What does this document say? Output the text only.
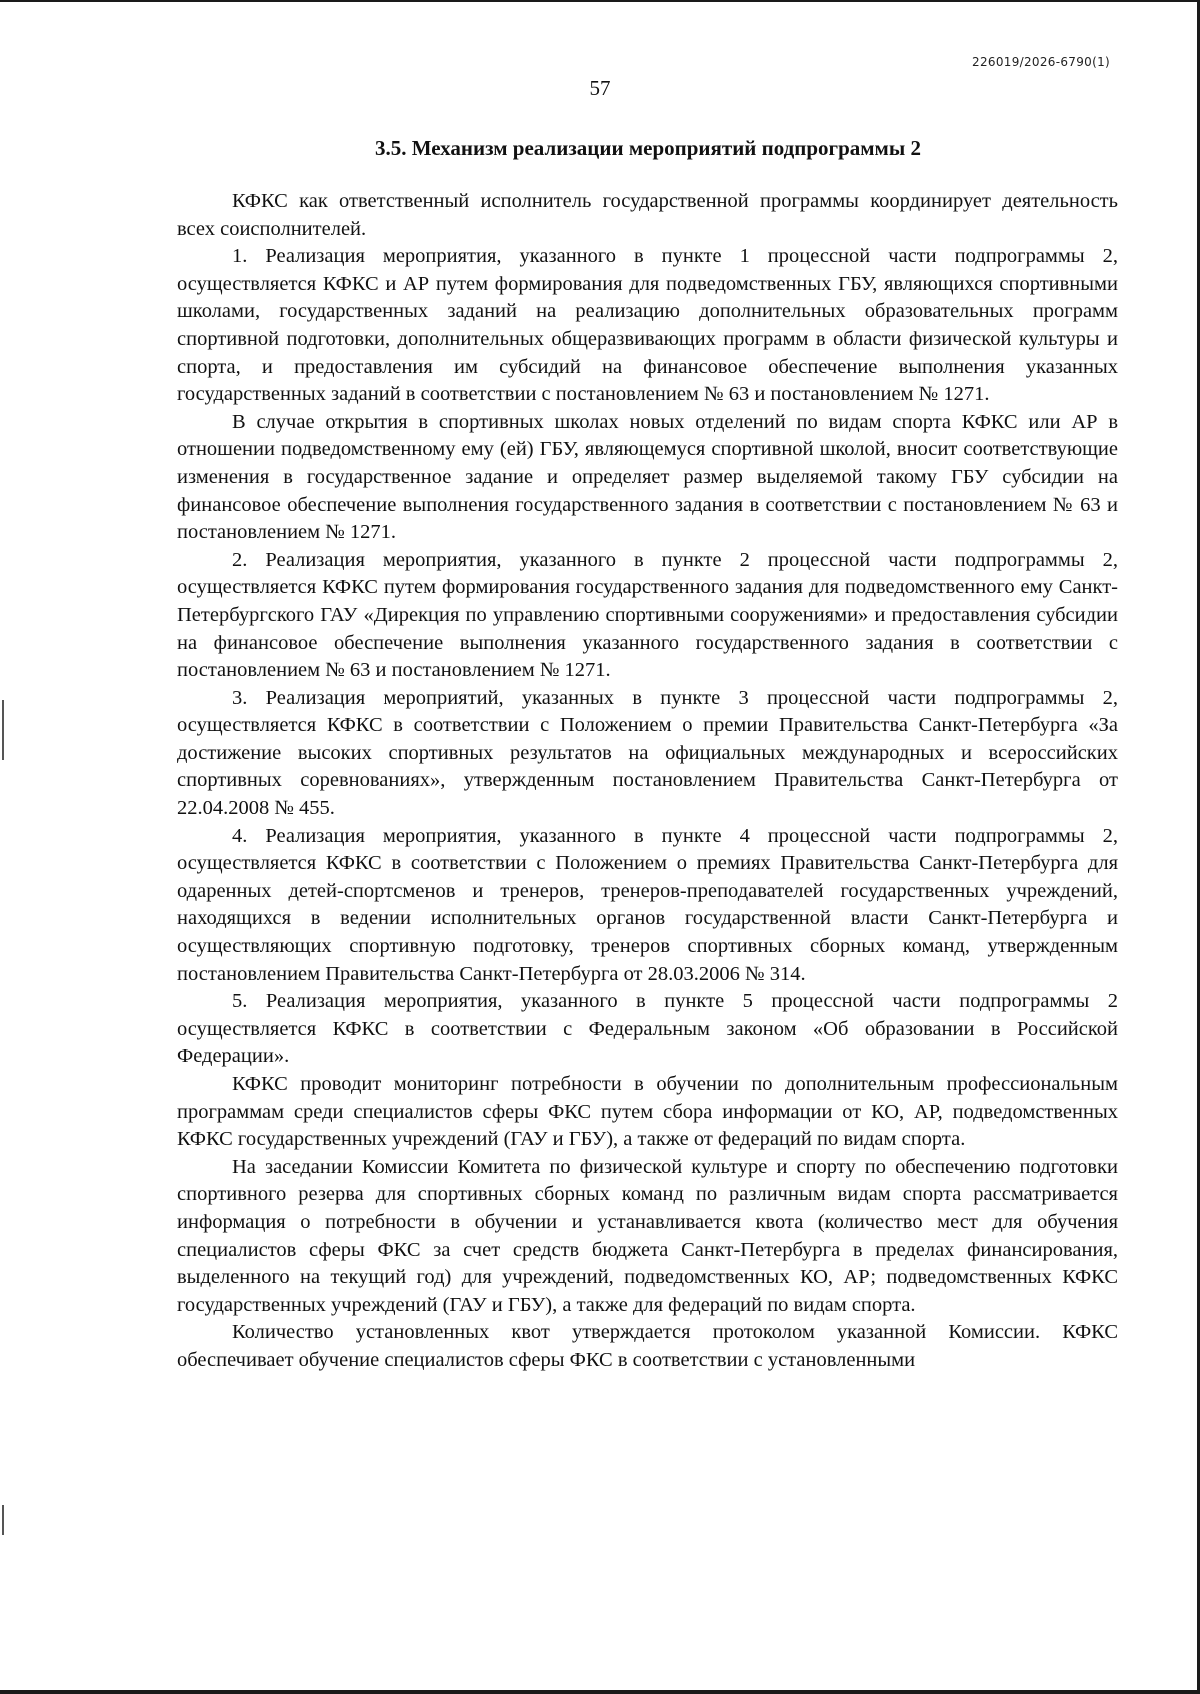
226019/2026-6790(1)
57
3.5. Механизм реализации мероприятий подпрограммы 2

КФКС как ответственный исполнитель государственной программы координирует деятельность всех соисполнителей.

1. Реализация мероприятия, указанного в пункте 1 процессной части подпрограммы 2, осуществляется КФКС и АР путем формирования для подведомственных ГБУ, являющихся спортивными школами, государственных заданий на реализацию дополнительных образовательных программ спортивной подготовки, дополнительных общеразвивающих программ в области физической культуры и спорта, и предоставления им субсидий на финансовое обеспечение выполнения указанных государственных заданий в соответствии с постановлением № 63 и постановлением № 1271.

В случае открытия в спортивных школах новых отделений по видам спорта КФКС или АР в отношении подведомственному ему (ей) ГБУ, являющемуся спортивной школой, вносит соответствующие изменения в государственное задание и определяет размер выделяемой такому ГБУ субсидии на финансовое обеспечение выполнения государственного задания в соответствии с постановлением № 63 и постановлением № 1271.

2. Реализация мероприятия, указанного в пункте 2 процессной части подпрограммы 2, осуществляется КФКС путем формирования государственного задания для подведомственного ему Санкт-Петербургского ГАУ «Дирекция по управлению спортивными сооружениями» и предоставления субсидии на финансовое обеспечение выполнения указанного государственного задания в соответствии с постановлением № 63 и постановлением № 1271.

3. Реализация мероприятий, указанных в пункте 3 процессной части подпрограммы 2, осуществляется КФКС в соответствии с Положением о премии Правительства Санкт-Петербурга «За достижение высоких спортивных результатов на официальных международных и всероссийских спортивных соревнованиях», утвержденным постановлением Правительства Санкт-Петербурга от 22.04.2008 № 455.

4. Реализация мероприятия, указанного в пункте 4 процессной части подпрограммы 2, осуществляется КФКС в соответствии с Положением о премиях Правительства Санкт-Петербурга для одаренных детей-спортсменов и тренеров, тренеров-преподавателей государственных учреждений, находящихся в ведении исполнительных органов государственной власти Санкт-Петербурга и осуществляющих спортивную подготовку, тренеров спортивных сборных команд, утвержденным постановлением Правительства Санкт-Петербурга от 28.03.2006 № 314.

5. Реализация мероприятия, указанного в пункте 5 процессной части подпрограммы 2 осуществляется КФКС в соответствии с Федеральным законом «Об образовании в Российской Федерации».

КФКС проводит мониторинг потребности в обучении по дополнительным профессиональным программам среди специалистов сферы ФКС путем сбора информации от КО, АР, подведомственных КФКС государственных учреждений (ГАУ и ГБУ), а также от федераций по видам спорта.

На заседании Комиссии Комитета по физической культуре и спорту по обеспечению подготовки спортивного резерва для спортивных сборных команд по различным видам спорта рассматривается информация о потребности в обучении и устанавливается квота (количество мест для обучения специалистов сферы ФКС за счет средств бюджета Санкт-Петербурга в пределах финансирования, выделенного на текущий год) для учреждений, подведомственных КО, АР; подведомственных КФКС государственных учреждений (ГАУ и ГБУ), а также для федераций по видам спорта.

Количество установленных квот утверждается протоколом указанной Комиссии. КФКС обеспечивает обучение специалистов сферы ФКС в соответствии с установленными
